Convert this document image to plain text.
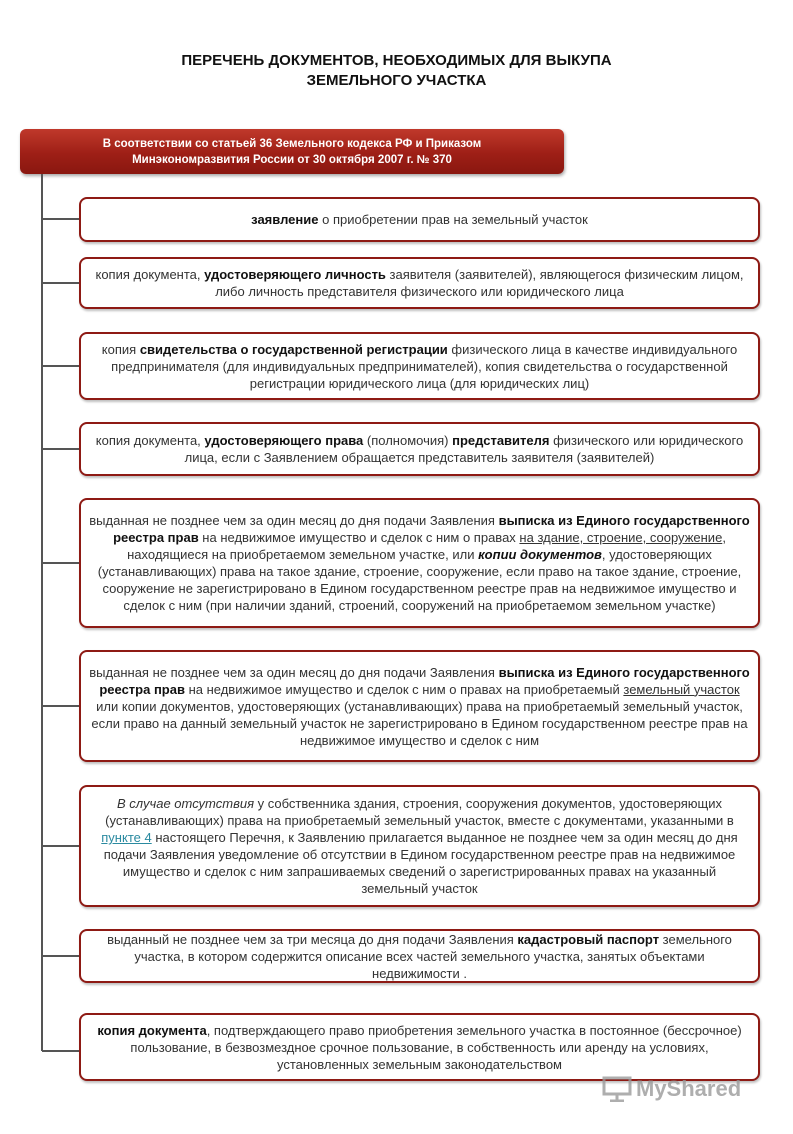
ПЕРЕЧЕНЬ ДОКУМЕНТОВ, НЕОБХОДИМЫХ ДЛЯ ВЫКУПА
ЗЕМЕЛЬНОГО УЧАСТКА
В соответствии со статьей 36 Земельного кодекса РФ и Приказом
Минэкономразвития России от 30 октября 2007 г. № 370
заявление о приобретении прав на земельный участок
копия документа, удостоверяющего личность заявителя (заявителей), являющегося физическим лицом, либо личность представителя физического или юридического лица
копия свидетельства о государственной регистрации физического лица в качестве индивидуального предпринимателя (для индивидуальных предпринимателей), копия свидетельства о государственной регистрации юридического лица (для юридических лиц)
копия документа, удостоверяющего права (полномочия) представителя физического или юридического лица, если с Заявлением обращается представитель заявителя (заявителей)
выданная не позднее чем за один месяц до дня подачи Заявления выписка из Единого государственного реестра прав на недвижимое имущество и сделок с ним о правах на здание, строение, сооружение, находящиеся на приобретаемом земельном участке, или копии документов, удостоверяющих (устанавливающих) права на такое здание, строение, сооружение, если право на такое здание, строение, сооружение не зарегистрировано в Едином государственном реестре прав на недвижимое имущество и сделок с ним (при наличии зданий, строений, сооружений на приобретаемом земельном участке)
выданная не позднее чем за один месяц до дня подачи Заявления выписка из Единого государственного реестра прав на недвижимое имущество и сделок с ним о правах на приобретаемый земельный участок или копии документов, удостоверяющих (устанавливающих) права на приобретаемый земельный участок, если право на данный земельный участок не зарегистрировано в Едином государственном реестре прав на недвижимое имущество и сделок с ним
В случае отсутствия у собственника здания, строения, сооружения документов, удостоверяющих (устанавливающих) права на приобретаемый земельный участок, вместе с документами, указанными в пункте 4 настоящего Перечня, к Заявлению прилагается выданное не позднее чем за один месяц до дня подачи Заявления уведомление об отсутствии в Едином государственном реестре прав на недвижимое имущество и сделок с ним запрашиваемых сведений о зарегистрированных правах на указанный земельный участок
выданный не позднее чем за три месяца до дня подачи Заявления кадастровый паспорт земельного участка, в котором содержится описание всех частей земельного участка, занятых объектами недвижимости .
копия документа, подтверждающего право приобретения земельного участка в постоянное (бессрочное) пользование, в безвозмездное срочное пользование, в собственность или аренду на условиях, установленных земельным законодательством
MyShared
